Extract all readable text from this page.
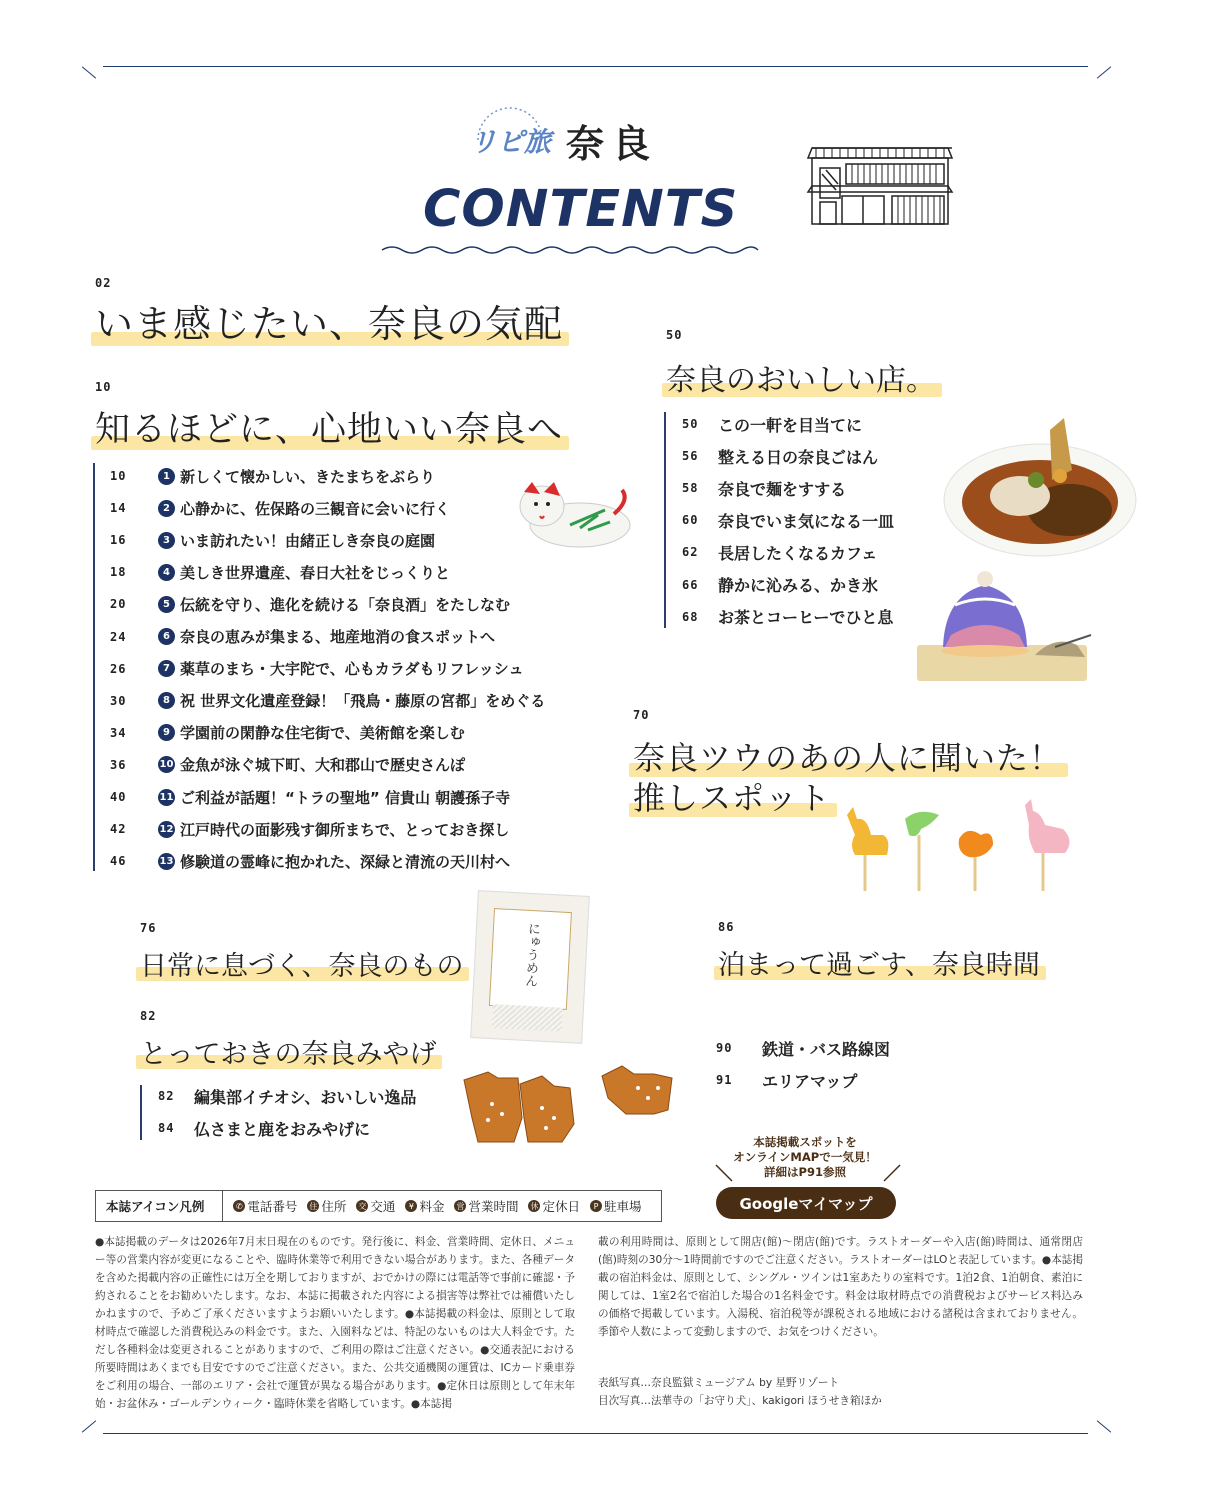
リピ旅 奈良
CONTENTS
02
いま感じたい、奈良の気配
10
知るほどに、心地いい奈良へ
10	1 新しくて懐かしい、きたまちをぶらり
14	2 心静かに、佐保路の三観音に会いに行く
16	3 いま訪れたい！由緒正しき奈良の庭園
18	4 美しき世界遺産、春日大社をじっくりと
20	5 伝統を守り、進化を続ける「奈良酒」をたしなむ
24	6 奈良の恵みが集まる、地産地消の食スポットへ
26	7 薬草のまち・大宇陀で、心もカラダもリフレッシュ
30	8 祝 世界文化遺産登録！「飛鳥・藤原の宮都」をめぐる
34	9 学園前の閑静な住宅街で、美術館を楽しむ
36	10 金魚が泳ぐ城下町、大和郡山で歴史さんぽ
40	11 ご利益が話題！“トラの聖地” 信貴山 朝護孫子寺
42	12 江戸時代の面影残す御所まちで、とっておき探し
46	13 修験道の霊峰に抱かれた、深緑と清流の天川村へ
50
奈良のおいしい店。
50	この一軒を目当てに
56	整える日の奈良ごはん
58	奈良で麺をすする
60	奈良でいま気になる一皿
62	長居したくなるカフェ
66	静かに沁みる、かき氷
68	お茶とコーヒーでひと息
70
奈良ツウのあの人に聞いた！
推しスポット
76
日常に息づく、奈良のもの
82
とっておきの奈良みやげ
82	編集部イチオシ、おいしい逸品
84	仏さまと鹿をおみやげに
86
泊まって過ごす、奈良時間
90	鉄道・バス路線図
91	エリアマップ
にゅうめん
本誌掲載スポットを
オンラインMAPで一気見！
詳細はP91参照
Googleマイマップ
本誌アイコン凡例	✆ 電話番号 住 住所 交 交通	¥ 料金 営 営業時間 休 定休日	P 駐車場
●本誌掲載のデータは2026年7月末日現在のものです。発行後に、料金、営業時間、定休日、メニュー等の営業内容が変更になることや、臨時休業等で利用できない場合があります。また、各種データを含めた掲載内容の正確性には万全を期しておりますが、おでかけの際には電話等で事前に確認・予約されることをお勧めいたします。なお、本誌に掲載された内容による損害等は弊社では補償いたしかねますので、予めご了承くださいますようお願いいたします。●本誌掲載の料金は、原則として取材時点で確認した消費税込みの料金です。また、入園料などは、特記のないものは大人料金です。ただし各種料金は変更されることがありますので、ご利用の際はご注意ください。●交通表記における所要時間はあくまでも目安ですのでご注意ください。また、公共交通機関の運賃は、ICカード乗車券をご利用の場合、一部のエリア・会社で運賃が異なる場合があります。●定休日は原則として年末年始・お盆休み・ゴールデンウィーク・臨時休業を省略しています。●本誌掲
載の利用時間は、原則として開店(館)～閉店(館)です。ラストオーダーや入店(館)時間は、通常閉店(館)時刻の30分～1時間前ですのでご注意ください。ラストオーダーはLOと表記しています。●本誌掲載の宿泊料金は、原則として、シングル・ツインは1室あたりの室料です。1泊2食、1泊朝食、素泊に関しては、1室2名で宿泊した場合の1名料金です。料金は取材時点での消費税およびサービス料込みの価格で掲載しています。入湯税、宿泊税等が課税される地域における諸税は含まれておりません。季節や人数によって変動しますので、お気をつけください。
表紙写真…奈良監獄ミュージアム by 星野リゾート
目次写真…法華寺の「お守り犬」、kakigori ほうせき箱ほか
